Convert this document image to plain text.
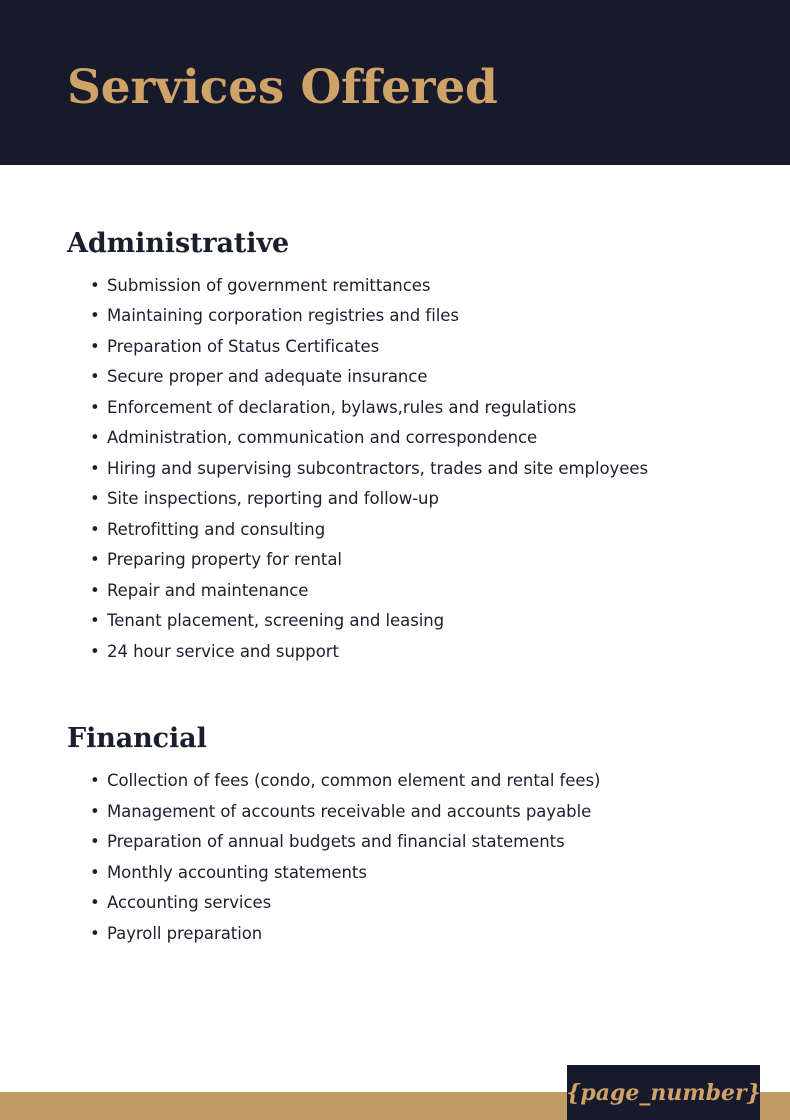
Services Offered
Administrative
• Submission of government remittances
• Maintaining corporation registries and files
• Preparation of Status Certificates
• Secure proper and adequate insurance
• Enforcement of declaration, bylaws,rules and regulations
• Administration, communication and correspondence
• Hiring and supervising subcontractors, trades and site employees
• Site inspections, reporting and follow-up
• Retrofitting and consulting
• Preparing property for rental
• Repair and maintenance
• Tenant placement, screening and leasing
• 24 hour service and support
Financial
• Collection of fees (condo, common element and rental fees)
• Management of accounts receivable and accounts payable
• Preparation of annual budgets and financial statements
• Monthly accounting statements
• Accounting services
• Payroll preparation
{page_number}
